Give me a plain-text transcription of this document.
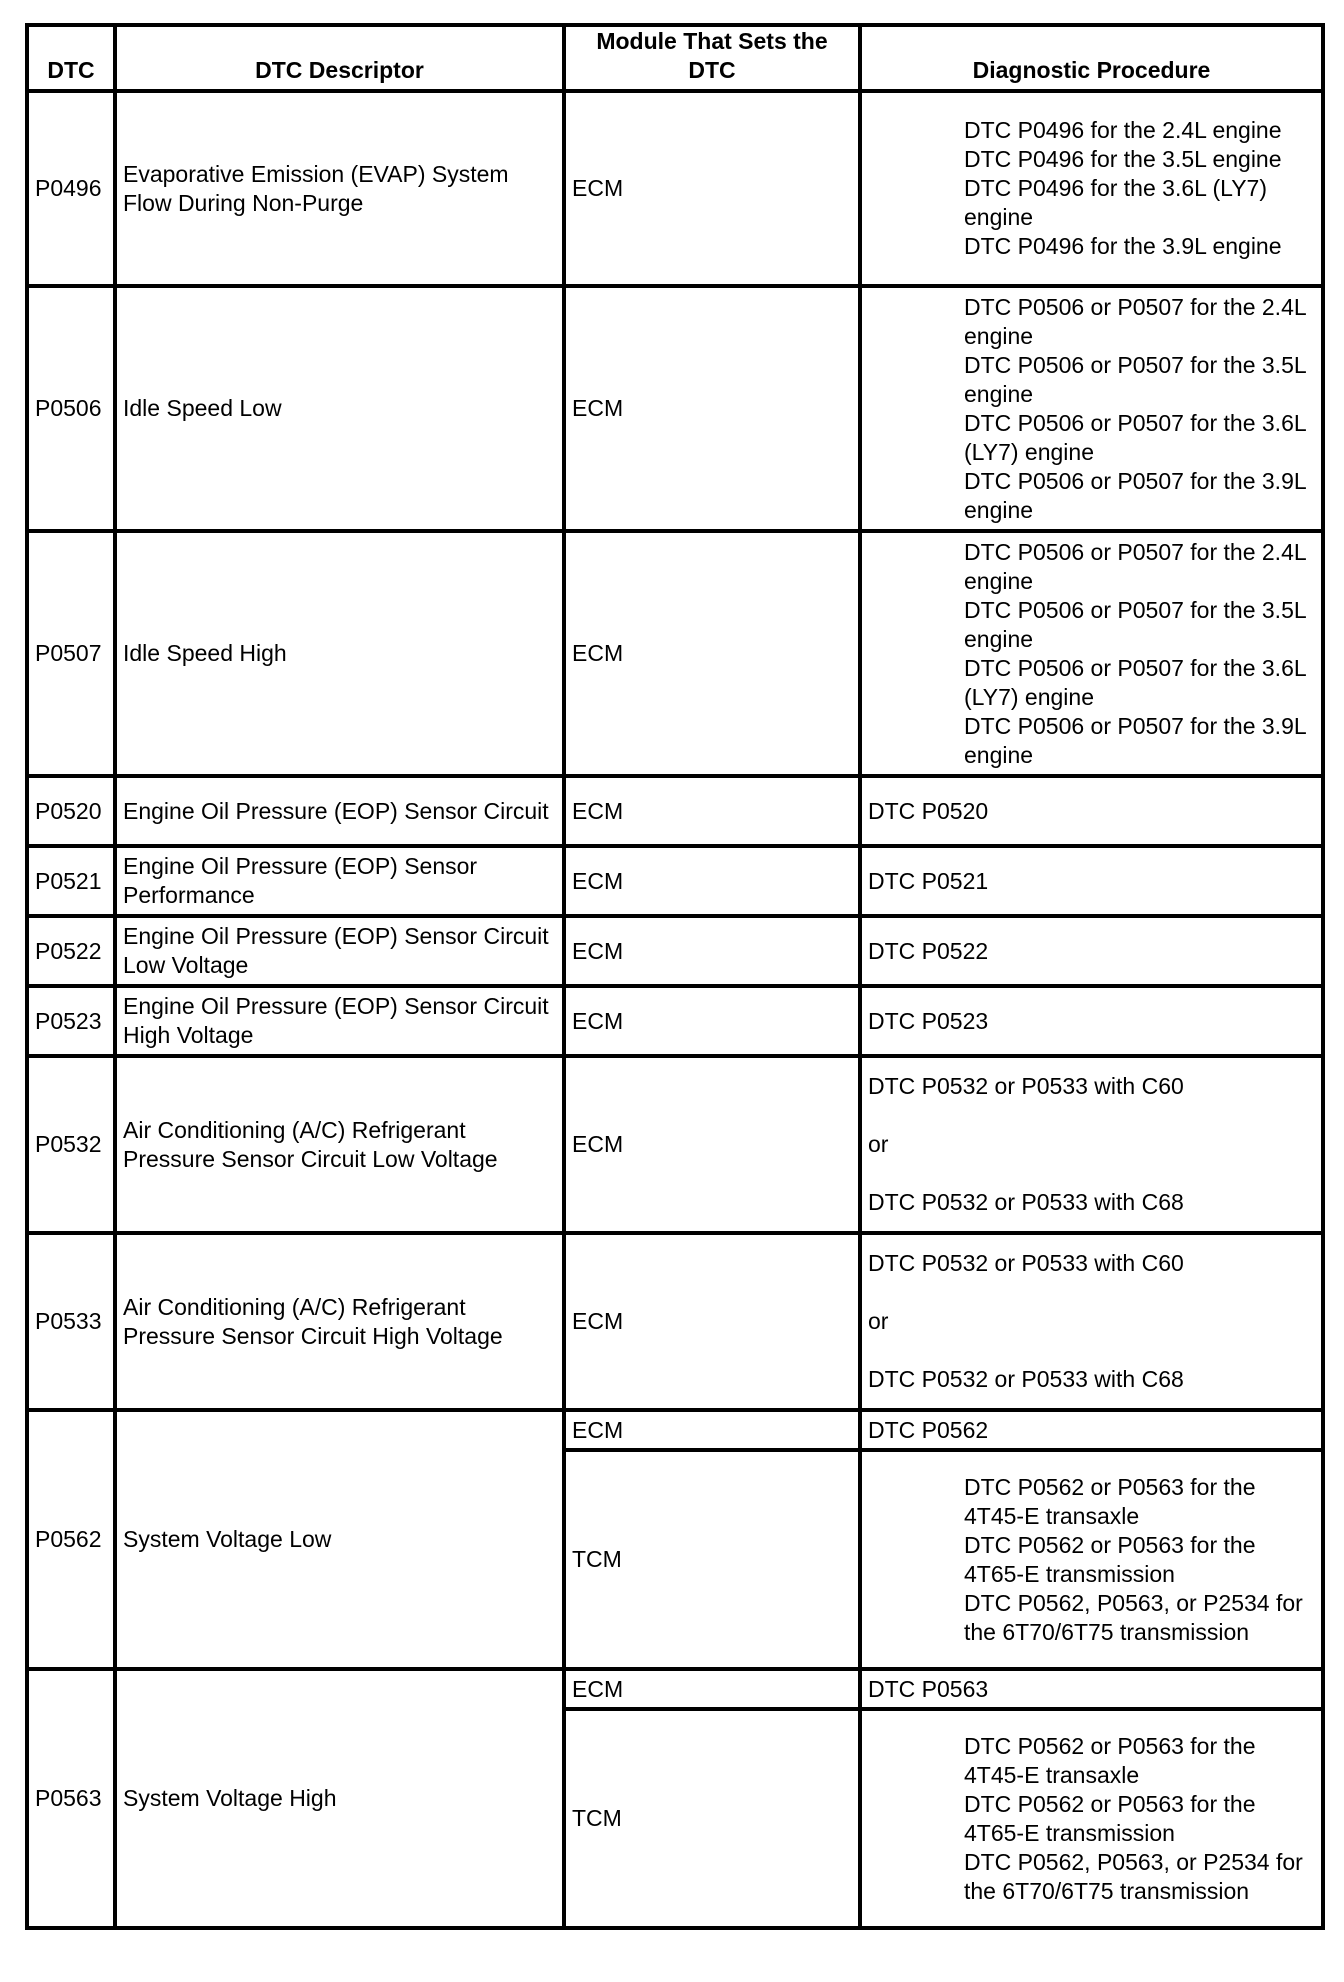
DTC	DTC Descriptor	Module That Sets the DTC	Diagnostic Procedure
P0496	Evaporative Emission (EVAP) System Flow During Non-Purge	ECM	DTC P0496 for the 2.4L engine
DTC P0496 for the 3.5L engine
DTC P0496 for the 3.6L (LY7) engine
DTC P0496 for the 3.9L engine

P0506	Idle Speed Low	ECM	DTC P0506 or P0507 for the 2.4L engine
DTC P0506 or P0507 for the 3.5L engine
DTC P0506 or P0507 for the 3.6L (LY7) engine
DTC P0506 or P0507 for the 3.9L engine

P0507	Idle Speed High	ECM	DTC P0506 or P0507 for the 2.4L engine
DTC P0506 or P0507 for the 3.5L engine
DTC P0506 or P0507 for the 3.6L (LY7) engine
DTC P0506 or P0507 for the 3.9L engine

P0520	Engine Oil Pressure (EOP) Sensor Circuit	ECM	DTC P0520
P0521	Engine Oil Pressure (EOP) Sensor Performance	ECM	DTC P0521
P0522	Engine Oil Pressure (EOP) Sensor Circuit Low Voltage	ECM	DTC P0522
P0523	Engine Oil Pressure (EOP) Sensor Circuit High Voltage	ECM	DTC P0523
P0532	Air Conditioning (A/C) Refrigerant Pressure Sensor Circuit Low Voltage	ECM	DTC P0532 or P0533 with C60
or
DTC P0532 or P0533 with C68

P0533	Air Conditioning (A/C) Refrigerant Pressure Sensor Circuit High Voltage	ECM	DTC P0532 or P0533 with C60
or
DTC P0532 or P0533 with C68

P0562	System Voltage Low	ECM	DTC P0562
		TCM	DTC P0562 or P0563 for the 4T45-E transaxle
DTC P0562 or P0563 for the 4T65-E transmission
DTC P0562, P0563, or P2534 for the 6T70/6T75 transmission

P0563	System Voltage High	ECM	DTC P0563
		TCM	DTC P0562 or P0563 for the 4T45-E transaxle
DTC P0562 or P0563 for the 4T65-E transmission
DTC P0562, P0563, or P2534 for the 6T70/6T75 transmission
